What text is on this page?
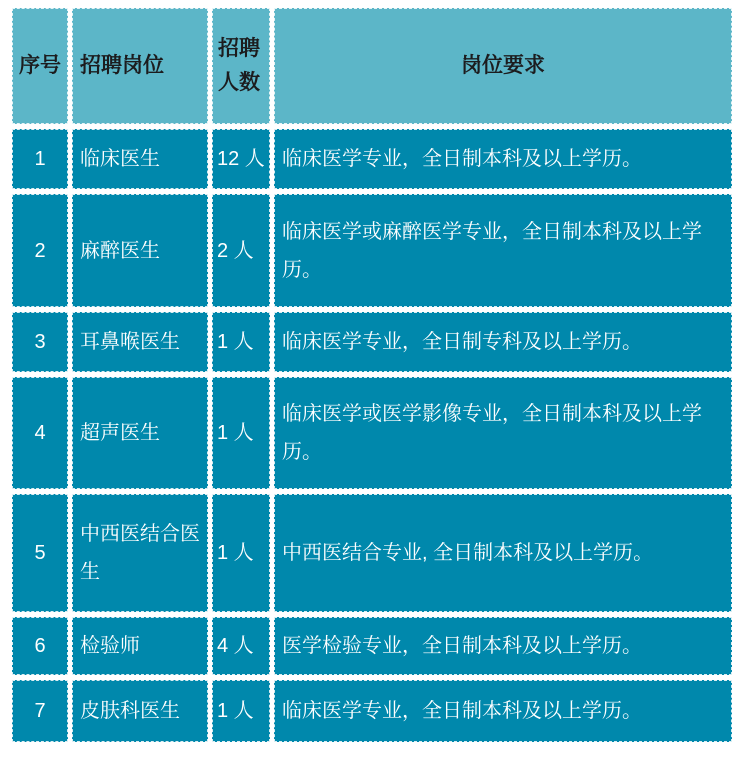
序号	招聘岗位	招聘人数	岗位要求
1	临床医生	12 人	临床医学专业，全日制本科及以上学历。
2	麻醉医生	2 人	临床医学或麻醉医学专业，全日制本科及以上学历。
3	耳鼻喉医生	1 人	临床医学专业，全日制专科及以上学历。
4	超声医生	1 人	临床医学或医学影像专业，全日制本科及以上学历。
5	中西医结合医生	1 人	中西医结合专业, 全日制本科及以上学历。
6	检验师	4 人	医学检验专业，全日制本科及以上学历。
7	皮肤科医生	1 人	临床医学专业，全日制本科及以上学历。
